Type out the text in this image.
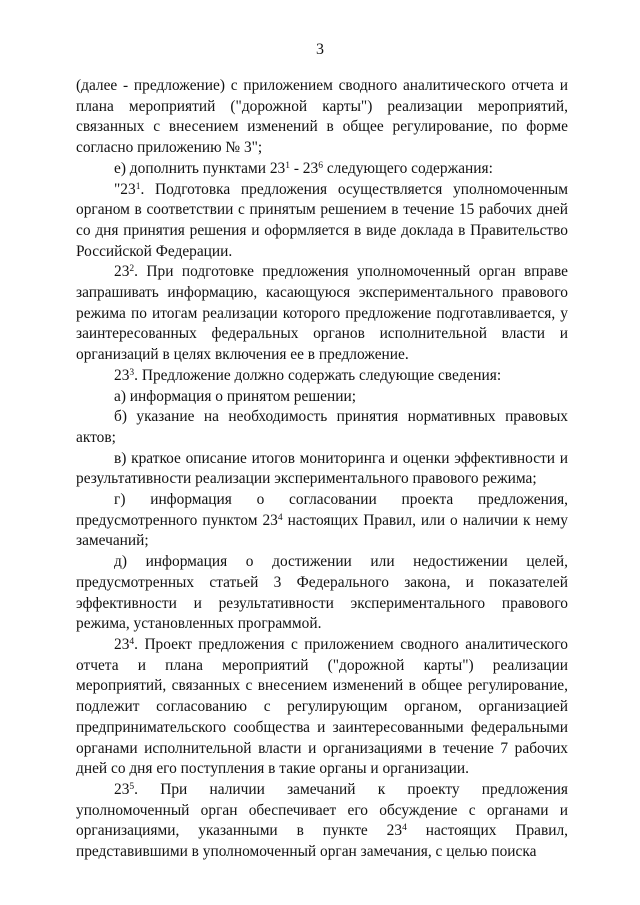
3

(далее - предложение) с приложением сводного аналитического отчета и плана мероприятий ("дорожной карты") реализации мероприятий, связанных с внесением изменений в общее регулирование, по форме согласно приложению № 3";

е) дополнить пунктами $23^1 - 23^6$ следующего содержания:

"$23^1$. Подготовка предложения осуществляется уполномоченным органом в соответствии с принятым решением в течение 15 рабочих дней со дня принятия решения и оформляется в виде доклада в Правительство Российской Федерации.

$23^2$. При подготовке предложения уполномоченный орган вправе запрашивать информацию, касающуюся экспериментального правового режима по итогам реализации которого предложение подготавливается, у заинтересованных федеральных органов исполнительной власти и организаций в целях включения ее в предложение.

$23^3$. Предложение должно содержать следующие сведения:

а) информация о принятом решении;

б) указание на необходимость принятия нормативных правовых актов;

в) краткое описание итогов мониторинга и оценки эффективности и результативности реализации экспериментального правового режима;

г) информация о согласовании проекта предложения, предусмотренного пунктом $23^4$ настоящих Правил, или о наличии к нему замечаний;

д) информация о достижении или недостижении целей, предусмотренных статьей 3 Федерального закона, и показателей эффективности и результативности экспериментального правового режима, установленных программой.

$23^4$. Проект предложения с приложением сводного аналитического отчета и плана мероприятий ("дорожной карты") реализации мероприятий, связанных с внесением изменений в общее регулирование, подлежит согласованию с регулирующим органом, организацией предпринимательского сообщества и заинтересованными федеральными органами исполнительной власти и организациями в течение 7 рабочих дней со дня его поступления в такие органы и организации.

$23^5$. При наличии замечаний к проекту предложения уполномоченный орган обеспечивает его обсуждение с органами и организациями, указанными в пункте $23^4$ настоящих Правил, представившими в уполномоченный орган замечания, с целью поиска
